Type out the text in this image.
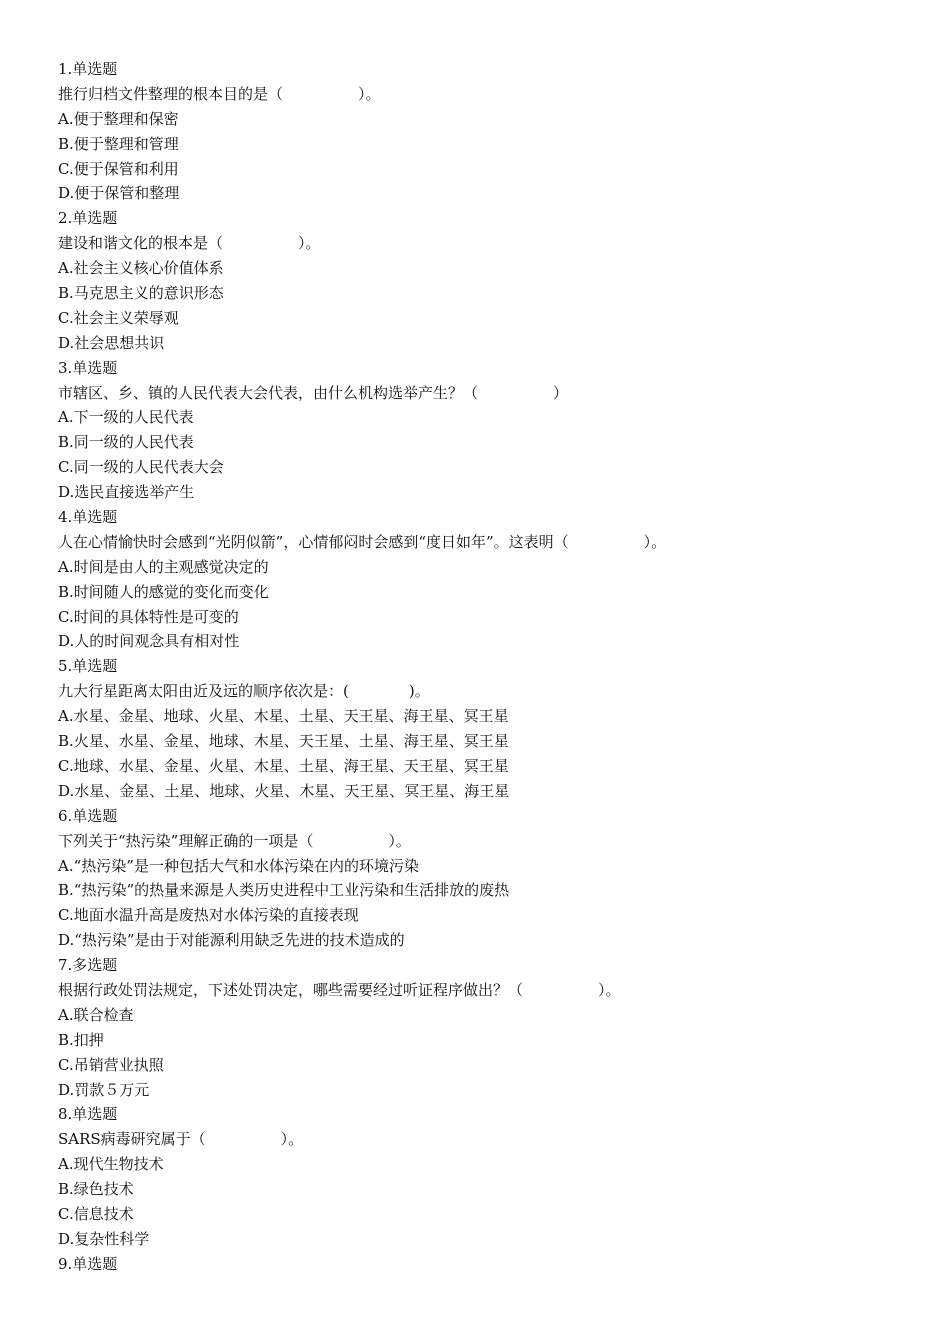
1.单选题
推行归档文件整理的根本目的是（　　　　　）。
A.便于整理和保密
B.便于整理和管理
C.便于保管和利用
D.便于保管和整理
2.单选题
建设和谐文化的根本是（　　　　　）。
A.社会主义核心价值体系
B.马克思主义的意识形态
C.社会主义荣辱观
D.社会思想共识
3.单选题
市辖区、乡、镇的人民代表大会代表，由什么机构选举产生？（　　　　　）
A.下一级的人民代表
B.同一级的人民代表
C.同一级的人民代表大会
D.选民直接选举产生
4.单选题
人在心情愉快时会感到“光阴似箭”，心情郁闷时会感到“度日如年”。这表明（　　　　　）。
A.时间是由人的主观感觉决定的
B.时间随人的感觉的变化而变化
C.时间的具体特性是可变的
D.人的时间观念具有相对性
5.单选题
九大行星距离太阳由近及远的顺序依次是：(　　　　)。
A.水星、金星、地球、火星、木星、土星、天王星、海王星、冥王星
B.火星、水星、金星、地球、木星、天王星、土星、海王星、冥王星
C.地球、水星、金星、火星、木星、土星、海王星、天王星、冥王星
D.水星、金星、土星、地球、火星、木星、天王星、冥王星、海王星
6.单选题
下列关于“热污染”理解正确的一项是（　　　　　）。
A.“热污染”是一种包括大气和水体污染在内的环境污染
B.“热污染”的热量来源是人类历史进程中工业污染和生活排放的废热
C.地面水温升高是废热对水体污染的直接表现
D.“热污染”是由于对能源利用缺乏先进的技术造成的
7.多选题
根据行政处罚法规定，下述处罚决定，哪些需要经过听证程序做出？（　　　　　）。
A.联合检查
B.扣押
C.吊销营业执照
D.罚款５万元
8.单选题
SARS病毒研究属于（　　　　　）。
A.现代生物技术
B.绿色技术
C.信息技术
D.复杂性科学
9.单选题
